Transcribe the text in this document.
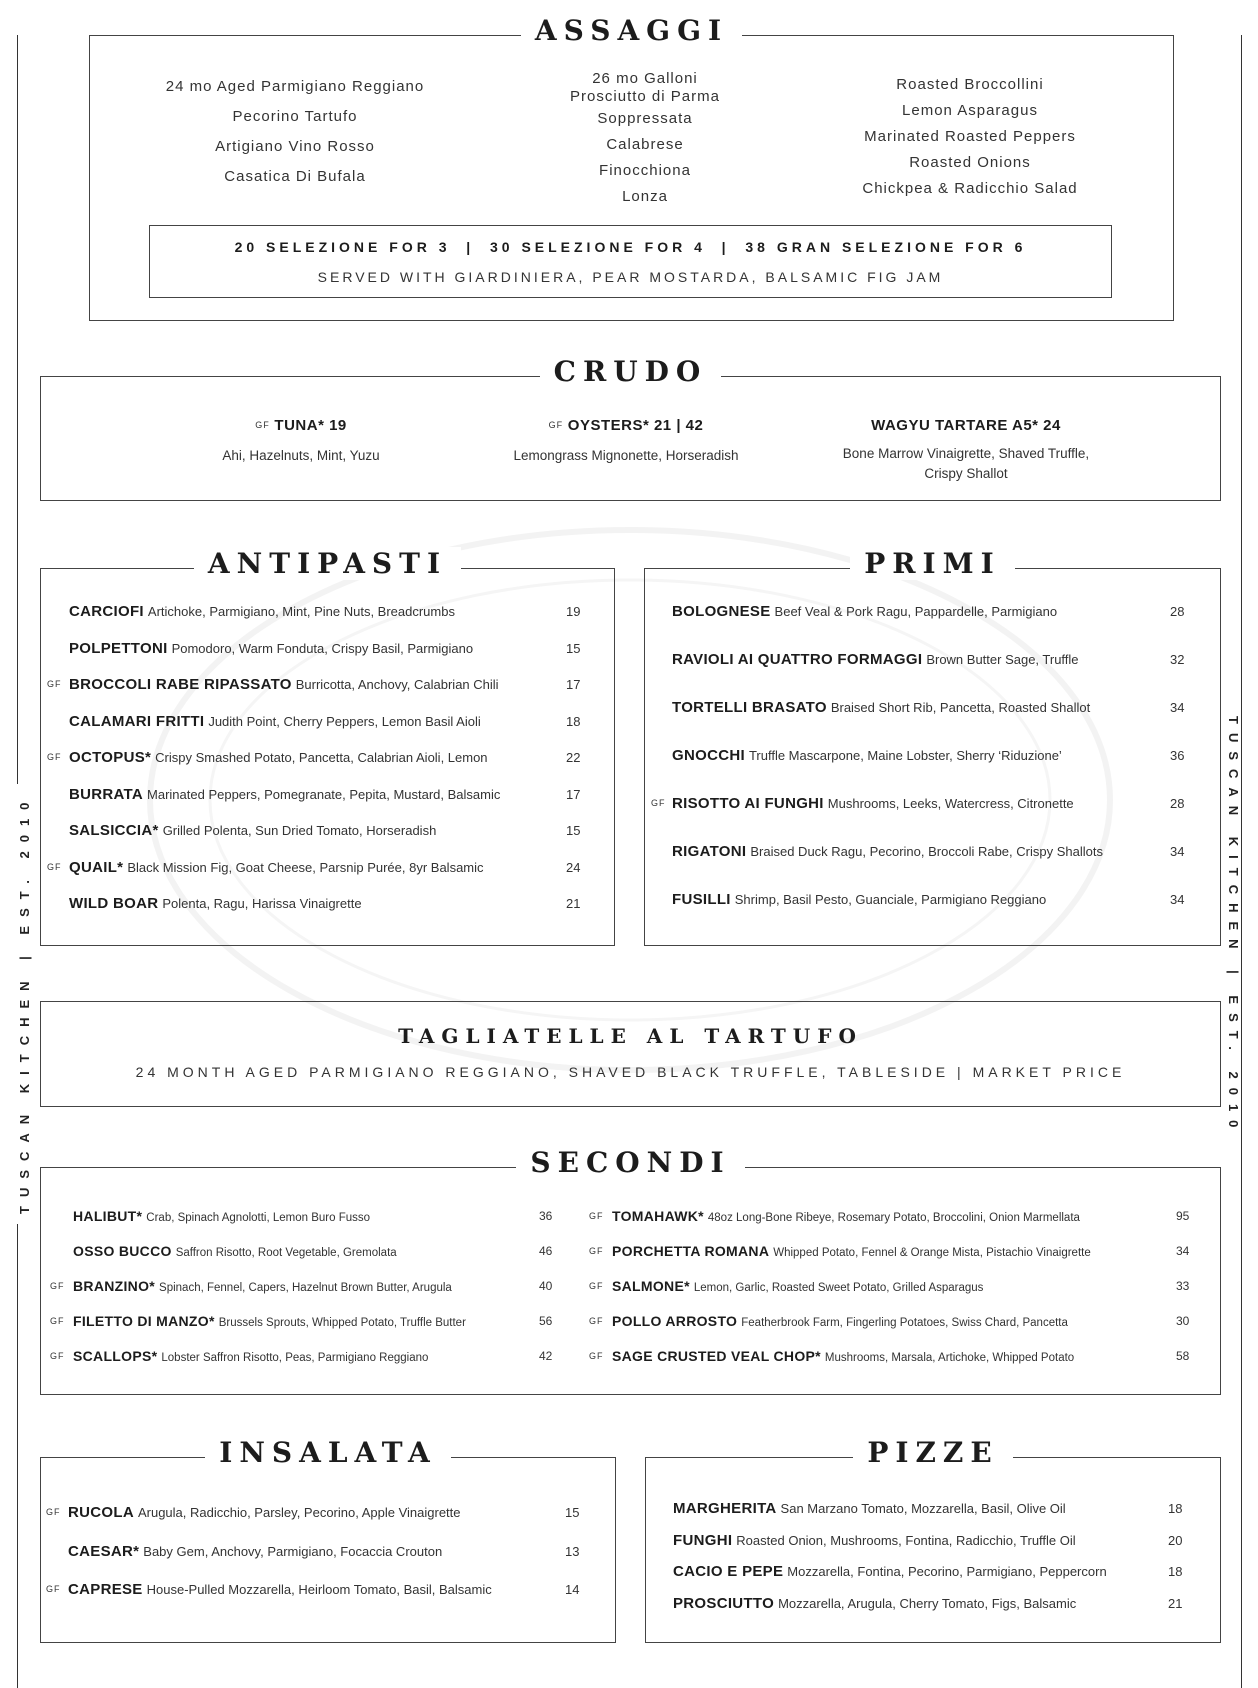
TUSCAN KITCHEN | EST. 2010	TUSCAN KITCHEN | EST. 2010
ASSAGGI
24 mo Aged Parmigiano Reggiano
Pecorino Tartufo
Artigiano Vino Rosso
Casatica Di Bufala
26 mo Galloni
Prosciutto di Parma
Soppressata
Calabrese
Finocchiona
Lonza
Roasted Broccollini
Lemon Asparagus
Marinated Roasted Peppers
Roasted Onions
Chickpea & Radicchio Salad
20 SELEZIONE FOR 3  |  30 SELEZIONE FOR 4  |  38 GRAN SELEZIONE FOR 6
SERVED WITH GIARDINIERA, PEAR MOSTARDA, BALSAMIC FIG JAM
CRUDO
GF TUNA* 19
Ahi, Hazelnuts, Mint, Yuzu
GF OYSTERS* 21 | 42
Lemongrass Mignonette, Horseradish
WAGYU TARTARE A5* 24
Bone Marrow Vinaigrette, Shaved Truffle,
Crispy Shallot
ANTIPASTI
CARCIOFI Artichoke, Parmigiano, Mint, Pine Nuts, Breadcrumbs	19
POLPETTONI Pomodoro, Warm Fonduta, Crispy Basil, Parmigiano	15
GF BROCCOLI RABE RIPASSATO Burricotta, Anchovy, Calabrian Chili	17
CALAMARI FRITTI Judith Point, Cherry Peppers, Lemon Basil Aioli	18
GF OCTOPUS* Crispy Smashed Potato, Pancetta, Calabrian Aioli, Lemon	22
BURRATA Marinated Peppers, Pomegranate, Pepita, Mustard, Balsamic	17
SALSICCIA* Grilled Polenta, Sun Dried Tomato, Horseradish	15
GF QUAIL* Black Mission Fig, Goat Cheese, Parsnip Purée, 8yr Balsamic	24
WILD BOAR Polenta, Ragu, Harissa Vinaigrette	21
PRIMI
BOLOGNESE Beef Veal & Pork Ragu, Pappardelle, Parmigiano	28
RAVIOLI AI QUATTRO FORMAGGI Brown Butter Sage, Truffle	32
TORTELLI BRASATO Braised Short Rib, Pancetta, Roasted Shallot	34
GNOCCHI Truffle Mascarpone, Maine Lobster, Sherry ‘Riduzione’	36
GF RISOTTO AI FUNGHI Mushrooms, Leeks, Watercress, Citronette	28
RIGATONI Braised Duck Ragu, Pecorino, Broccoli Rabe, Crispy Shallots	34
FUSILLI Shrimp, Basil Pesto, Guanciale, Parmigiano Reggiano	34
TAGLIATELLE AL TARTUFO
24 MONTH AGED PARMIGIANO REGGIANO, SHAVED BLACK TRUFFLE, TABLESIDE | MARKET PRICE
SECONDI
HALIBUT* Crab, Spinach Agnolotti, Lemon Buro Fusso	36
OSSO BUCCO Saffron Risotto, Root Vegetable, Gremolata	46
GF BRANZINO* Spinach, Fennel, Capers, Hazelnut Brown Butter, Arugula	40
GF FILETTO DI MANZO* Brussels Sprouts, Whipped Potato, Truffle Butter	56
GF SCALLOPS* Lobster Saffron Risotto, Peas, Parmigiano Reggiano	42
GF TOMAHAWK* 48oz Long-Bone Ribeye, Rosemary Potato, Broccolini, Onion Marmellata	95
GF PORCHETTA ROMANA Whipped Potato, Fennel & Orange Mista, Pistachio Vinaigrette	34
GF SALMONE* Lemon, Garlic, Roasted Sweet Potato, Grilled Asparagus	33
GF POLLO ARROSTO Featherbrook Farm, Fingerling Potatoes, Swiss Chard, Pancetta	30
GF SAGE CRUSTED VEAL CHOP* Mushrooms, Marsala, Artichoke, Whipped Potato	58
INSALATA
GF RUCOLA Arugula, Radicchio, Parsley, Pecorino, Apple Vinaigrette	15
CAESAR* Baby Gem, Anchovy, Parmigiano, Focaccia Crouton	13
GF CAPRESE House-Pulled Mozzarella, Heirloom Tomato, Basil, Balsamic	14
PIZZE
MARGHERITA San Marzano Tomato, Mozzarella, Basil, Olive Oil	18
FUNGHI Roasted Onion, Mushrooms, Fontina, Radicchio, Truffle Oil	20
CACIO E PEPE Mozzarella, Fontina, Pecorino, Parmigiano, Peppercorn	18
PROSCIUTTO Mozzarella, Arugula, Cherry Tomato, Figs, Balsamic	21
